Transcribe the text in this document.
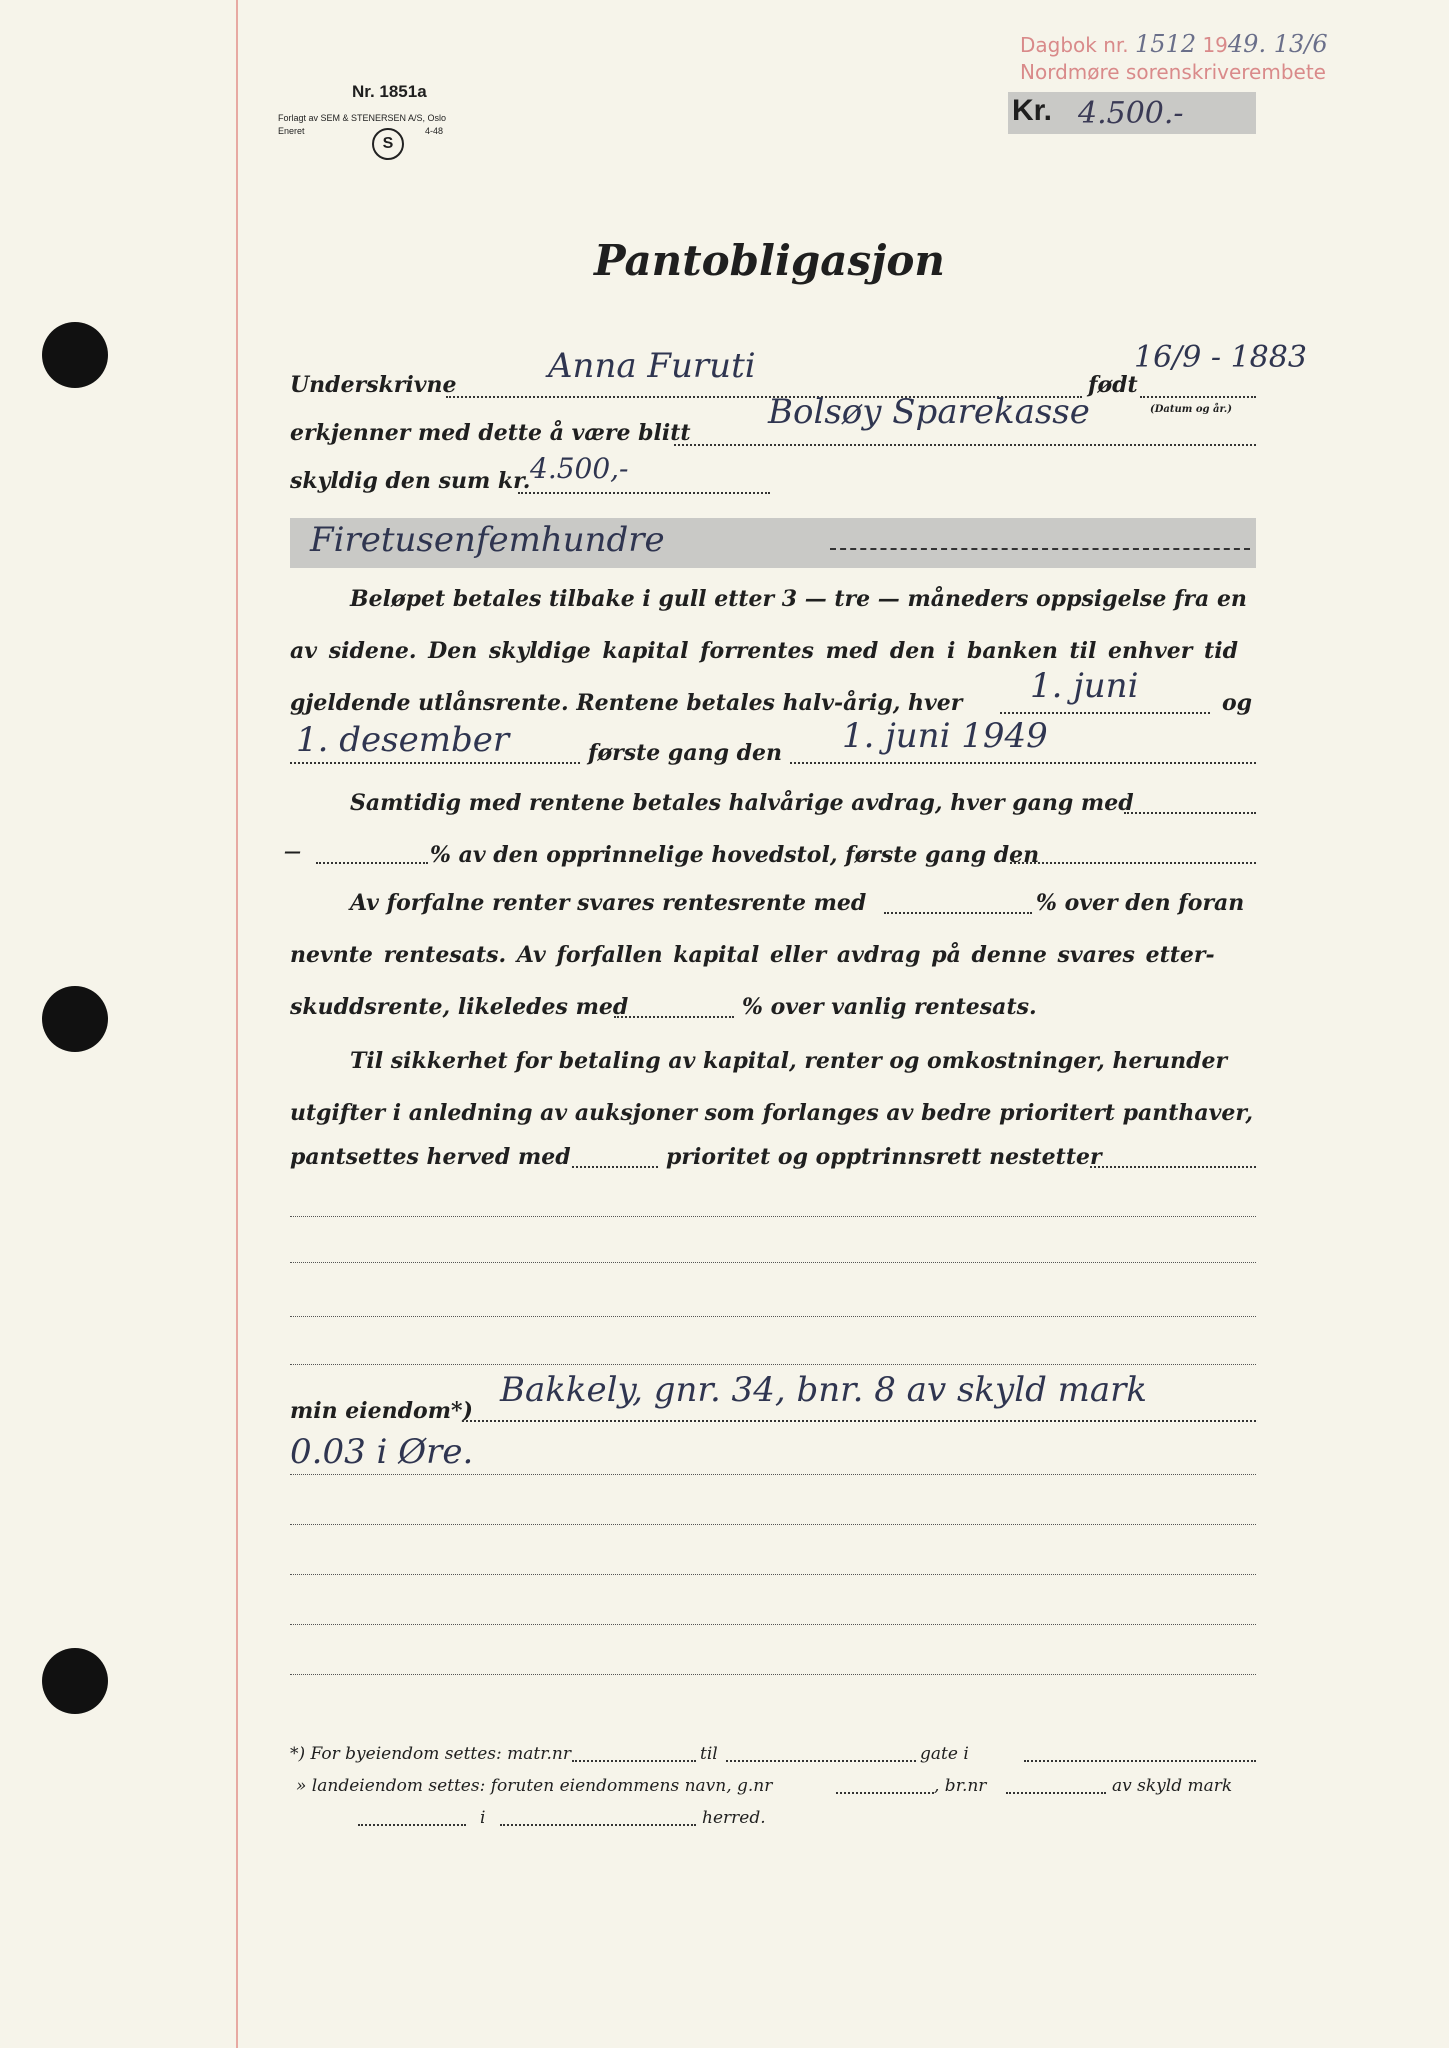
Dagbok nr. 1512 1949. 13/6
Nordmøre sorenskriverembete
Nr. 1851a
Forlagt av SEM & STENERSEN A/S, Oslo
Eneret	4-48
S
Kr. 4.500.-
Pantobligasjon
Underskrivne	Anna Furuti	født
16/9 - 1883
(Datum og år.)
erkjenner med dette å være blitt
Bolsøy Sparekasse
skyldig den sum kr. 4.500,-
Firetusenfemhundre
Beløpet betales tilbake i gull etter 3 — tre — måneders oppsigelse fra en
av sidene. Den skyldige kapital forrentes med den i banken til enhver tid
gjeldende utlånsrente. Rentene betales halv-årig, hver 1. juni	og
1. desember	første gang den 1. juni 1949
Samtidig med rentene betales halvårige avdrag, hver gang med
—	% av den opprinnelige hovedstol, første gang den
Av forfalne renter svares rentesrente med	% over den foran
nevnte rentesats. Av forfallen kapital eller avdrag på denne svares etter-
skuddsrente, likeledes med	% over vanlig rentesats.
Til sikkerhet for betaling av kapital, renter og omkostninger, herunder
utgifter i anledning av auksjoner som forlanges av bedre prioritert panthaver,
pantsettes herved med	prioritet og opptrinnsrett nestetter
min eiendom*)
Bakkely, gnr. 34, bnr. 8 av skyld mark
0.03 i Øre.
*) For byeiendom settes: matr.nr	til	gate i
» landeiendom settes: foruten eiendommens navn, g.nr	, br.nr	av skyld mark
i	herred.
